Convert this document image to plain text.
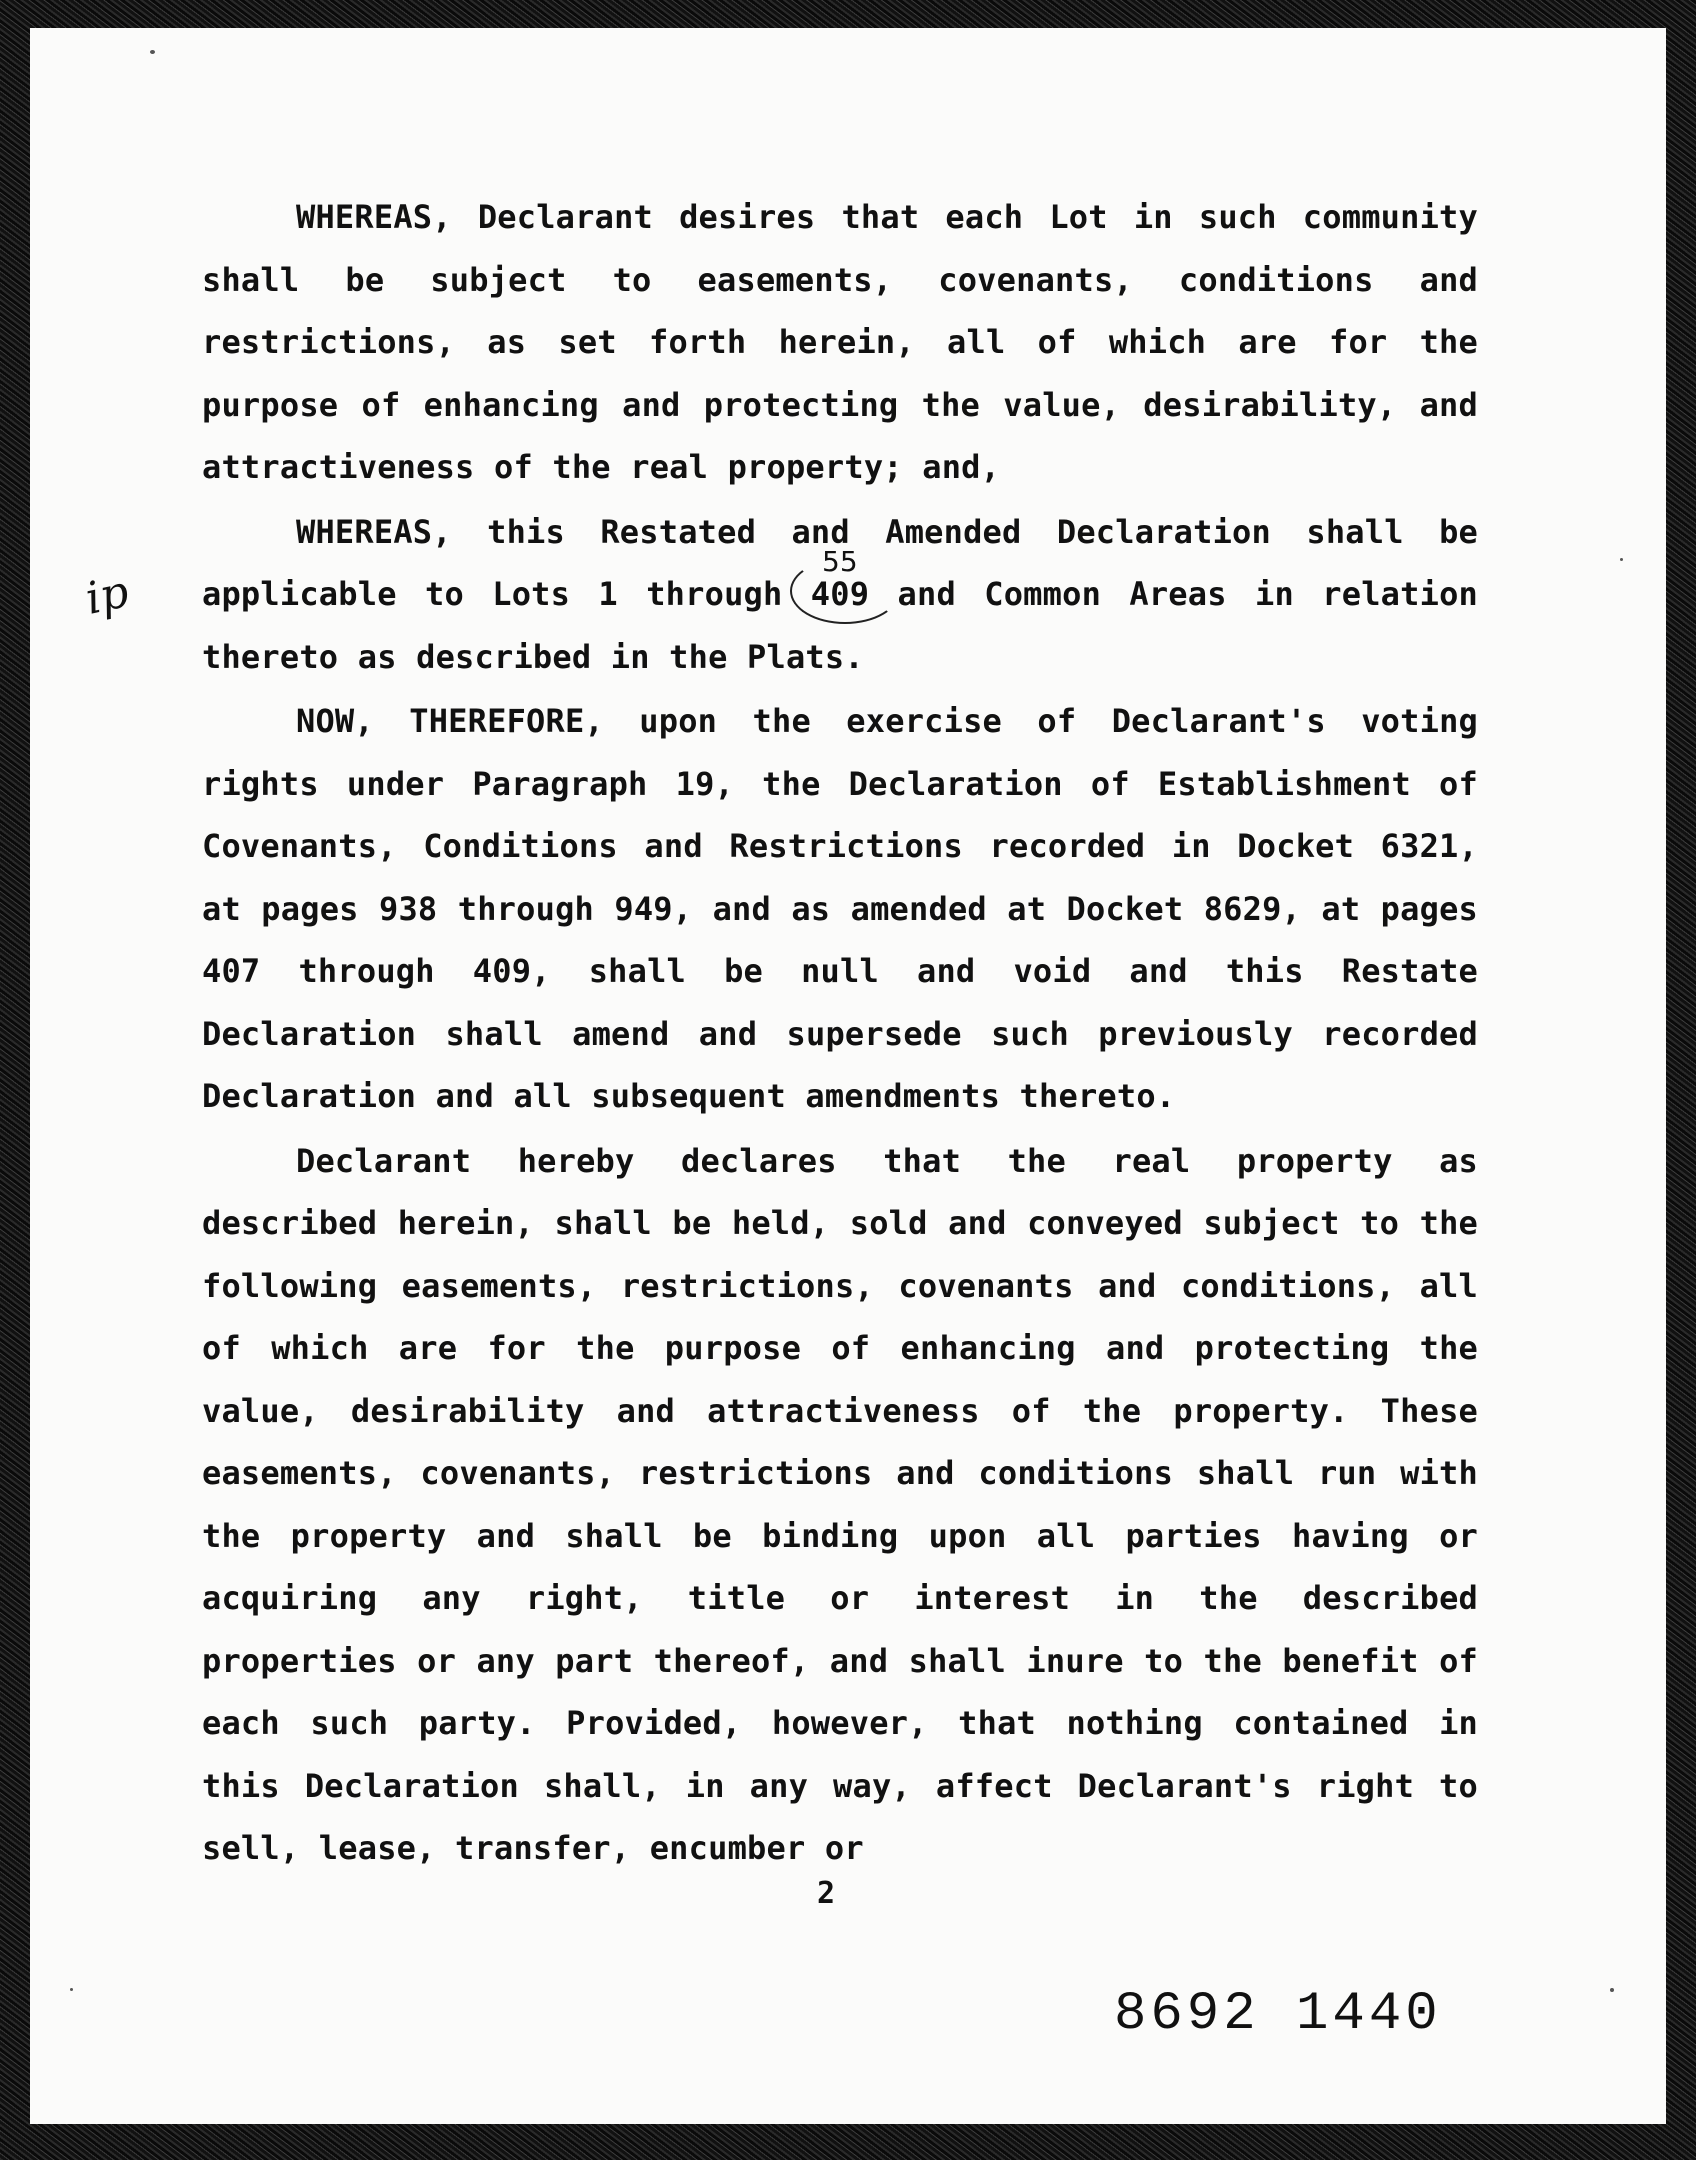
ip

WHEREAS, Declarant desires that each Lot in such community shall be subject to easements, covenants, conditions and restrictions, as set forth herein, all of which are for the purpose of enhancing and protecting the value, desirability, and attractiveness of the real property; and,

WHEREAS, this Restated and Amended Declaration shall be applicable to Lots 1 through 409 and Common Areas in relation thereto as described in the Plats.

NOW, THEREFORE, upon the exercise of Declarant's voting rights under Paragraph 19, the Declaration of Establishment of Covenants, Conditions and Restrictions recorded in Docket 6321, at pages 938 through 949, and as amended at Docket 8629, at pages 407 through 409, shall be null and void and this Restate Declaration shall amend and supersede such previously recorded Declaration and all subsequent amendments thereto.

Declarant hereby declares that the real property as described herein, shall be held, sold and conveyed subject to the following easements, restrictions, covenants and conditions, all of which are for the purpose of enhancing and protecting the value, desirability and attractiveness of the property. These easements, covenants, restrictions and conditions shall run with the property and shall be binding upon all parties having or acquiring any right, title or interest in the described properties or any part thereof, and shall inure to the benefit of each such party. Provided, however, that nothing contained in this Declaration shall, in any way, affect Declarant's right to sell, lease, transfer, encumber or

55
2
8692 1440
